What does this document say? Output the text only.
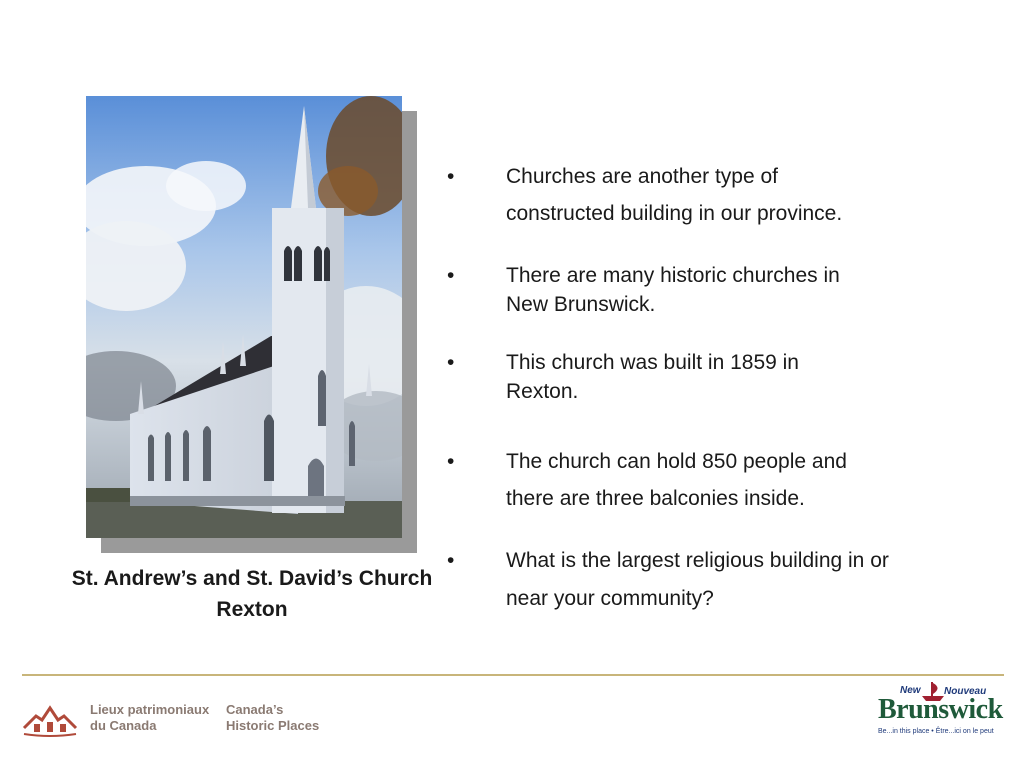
St. Andrew’s and St. David’s Church
Rexton
• Churches are another type of
constructed building in our province.
• There are many historic churches in
New Brunswick.
• This church was built in 1859 in
Rexton.
• The church can hold 850 people and
there are three balconies inside.
• What is the largest religious building in or
near your community?
Lieux patrimoniaux
du Canada
Canada’s
Historic Places
New Nouveau
Brunswick
Be...in this place • Être...ici on le peut
